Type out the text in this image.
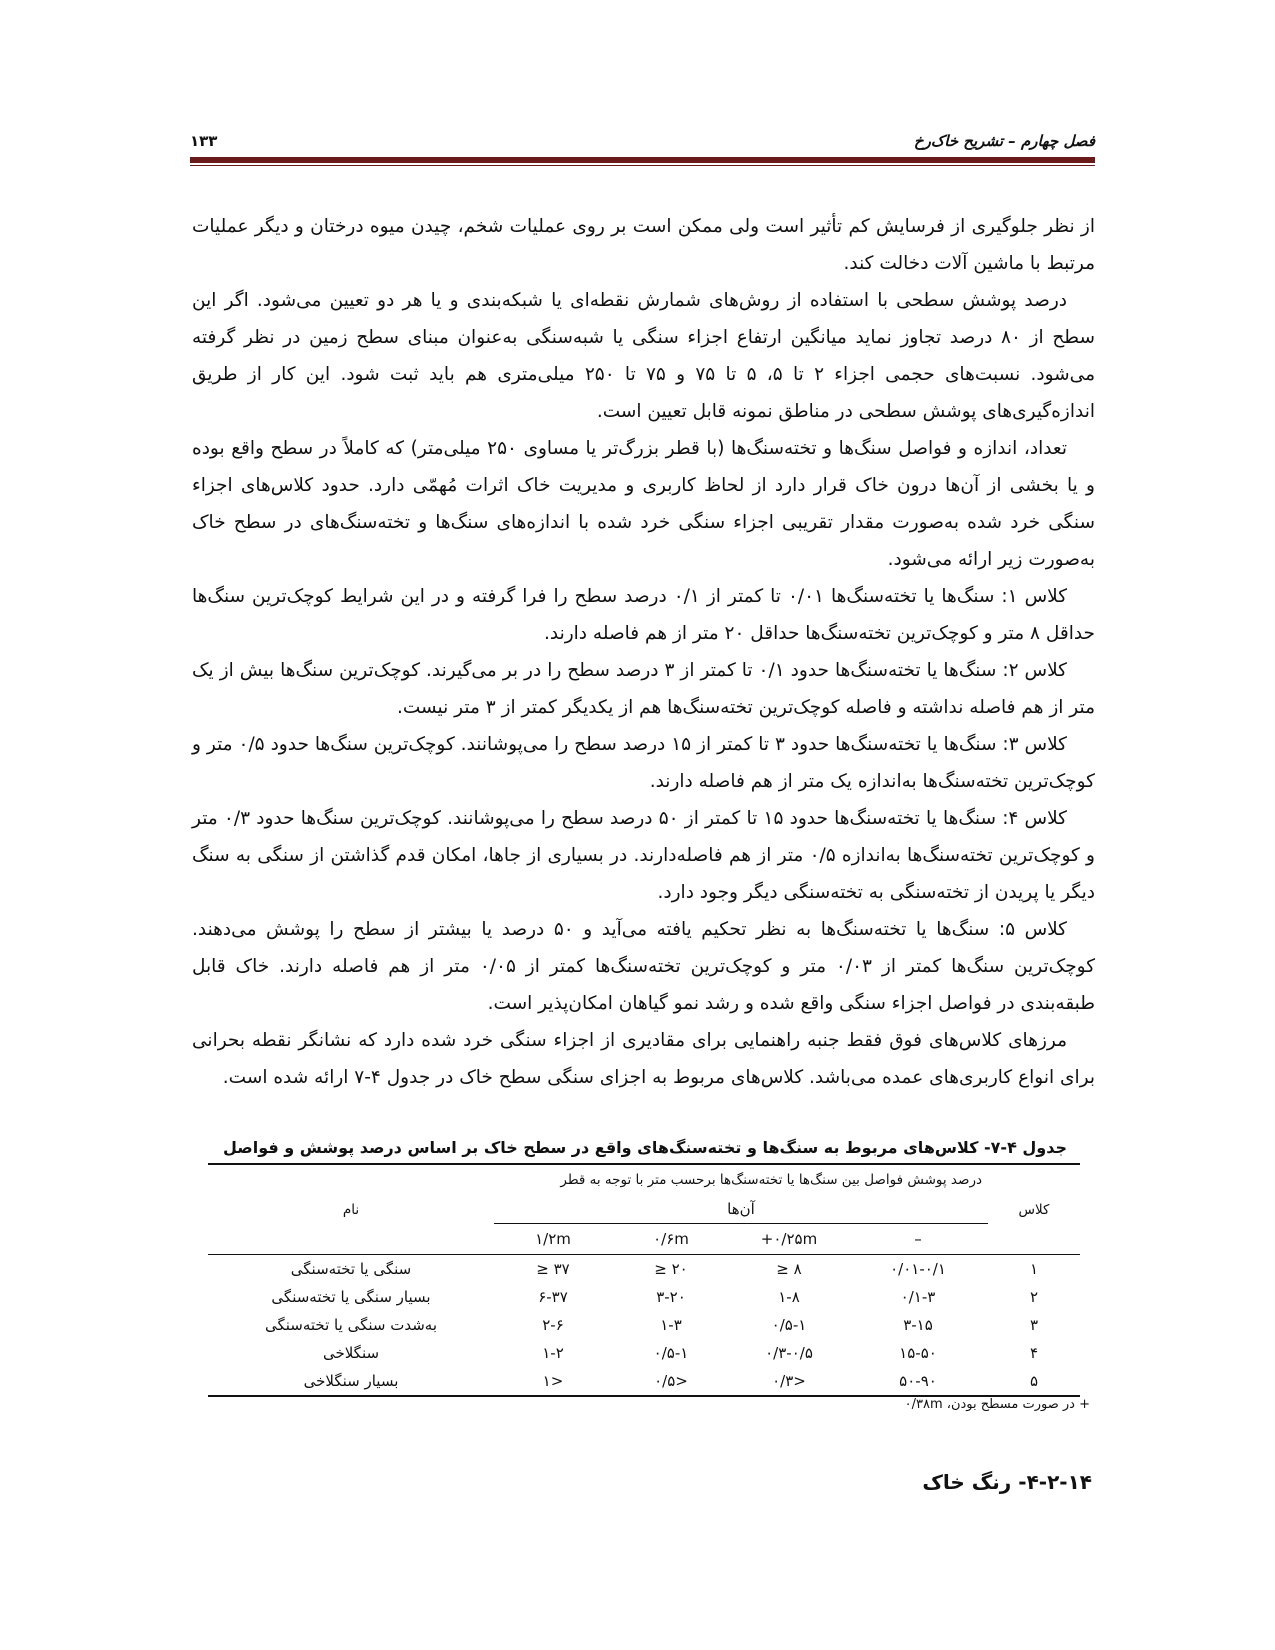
فصل چهارم – تشریح خاک‌رخ
۱۳۳

از نظر جلوگیری از فرسایش کم تأثیر است ولی ممکن است بر روی عملیات شخم، چیدن میوه درختان و دیگر عملیات مرتبط با ماشین آلات دخالت کند.

درصد پوشش سطحی با استفاده از روش‌های شمارش نقطه‌ای یا شبکه‌بندی و یا هر دو تعیین می‌شود. اگر این سطح از ۸۰ درصد تجاوز نماید میانگین ارتفاع اجزاء سنگی یا شبه‌سنگی به‌عنوان مبنای سطح زمین در نظر گرفته می‌شود. نسبت‌های حجمی اجزاء ۲ تا ۵، ۵ تا ۷۵ و ۷۵ تا ۲۵۰ میلی‌متری هم باید ثبت شود. این کار از طریق اندازه‌گیری‌های پوشش سطحی در مناطق نمونه قابل تعیین است.

تعداد، اندازه و فواصل سنگ‌ها و تخته‌سنگ‌ها (با قطر بزرگ‌تر یا مساوی ۲۵۰ میلی‌متر) که کاملاً در سطح واقع بوده و یا بخشی از آن‌ها درون خاک قرار دارد از لحاظ کاربری و مدیریت خاک اثرات مُهمّی دارد. حدود کلاس‌های اجزاء سنگی خرد شده به‌صورت مقدار تقریبی اجزاء سنگی خرد شده با اندازه‌های سنگ‌ها و تخته‌سنگ‌های در سطح خاک به‌صورت زیر ارائه می‌شود.

کلاس ۱: سنگ‌ها یا تخته‌سنگ‌ها ۰/۰۱ تا کمتر از ۰/۱ درصد سطح را فرا گرفته و در این شرایط کوچک‌ترین سنگ‌ها حداقل ۸ متر و کوچک‌ترین تخته‌سنگ‌ها حداقل ۲۰ متر از هم فاصله دارند.

کلاس ۲: سنگ‌ها یا تخته‌سنگ‌ها حدود ۰/۱ تا کمتر از ۳ درصد سطح را در بر می‌گیرند. کوچک‌ترین سنگ‌ها بیش از یک متر از هم فاصله نداشته و فاصله کوچک‌ترین تخته‌سنگ‌ها هم از یکدیگر کمتر از ۳ متر نیست.

کلاس ۳: سنگ‌ها یا تخته‌سنگ‌ها حدود ۳ تا کمتر از ۱۵ درصد سطح را می‌پوشانند. کوچک‌ترین سنگ‌ها حدود ۰/۵ متر و کوچک‌ترین تخته‌سنگ‌ها به‌اندازه یک متر از هم فاصله دارند.

کلاس ۴: سنگ‌ها یا تخته‌سنگ‌ها حدود ۱۵ تا کمتر از ۵۰ درصد سطح را می‌پوشانند. کوچک‌ترین سنگ‌ها حدود ۰/۳ متر و کوچک‌ترین تخته‌سنگ‌ها به‌اندازه ۰/۵ متر از هم فاصله‌دارند. در بسیاری از جاها، امکان قدم گذاشتن از سنگی به سنگ دیگر یا پریدن از تخته‌سنگی به تخته‌سنگی دیگر وجود دارد.

کلاس ۵: سنگ‌ها یا تخته‌سنگ‌ها به نظر تحکیم یافته می‌آید و ۵۰ درصد یا بیشتر از سطح را پوشش می‌دهند. کوچک‌ترین سنگ‌ها کمتر از ۰/۰۳ متر و کوچک‌ترین تخته‌سنگ‌ها کمتر از ۰/۰۵ متر از هم فاصله دارند. خاک قابل طبقه‌بندی در فواصل اجزاء سنگی واقع شده و رشد نمو گیاهان امکان‌پذیر است.

مرزهای کلاس‌های فوق فقط جنبه راهنمایی برای مقادیری از اجزاء سنگی خرد شده دارد که نشانگر نقطه بحرانی برای انواع کاربری‌های عمده می‌باشد. کلاس‌های مربوط به اجزای سنگی سطح خاک در جدول ۴-۷ ارائه شده است.

جدول ۴-۷- کلاس‌های مربوط به سنگ‌ها و تخته‌سنگ‌های واقع در سطح خاک بر اساس درصد پوشش و فواصل
کلاس	درصد پوشش فواصل بین سنگ‌ها یا تخته‌سنگ‌ها برحسب متر با توجه به قطر				نام
	آن‌ها				
	–	۰/۲۵m+	۰/۶m	۱/۲m	
۱	۰/۰۱-۰/۱	۸ ≤	۲۰ ≤	۳۷ ≤	سنگی یا تخته‌سنگی
۲	۰/۱-۳	۱-۸	۳-۲۰	۶-۳۷	بسیار سنگی یا تخته‌سنگی
۳	۳-۱۵	۰/۵-۱	۱-۳	۲-۶	به‌شدت سنگی یا تخته‌سنگی
۴	۱۵-۵۰	۰/۳-۰/۵	۰/۵-۱	۱-۲	سنگلاخی
۵	۵۰-۹۰	<۰/۳	<۰/۵	<۱	بسیار سنگلاخی
+ در صورت مسطح بودن، ۰/۳۸m
۴-۲-۱۴- رنگ خاک
